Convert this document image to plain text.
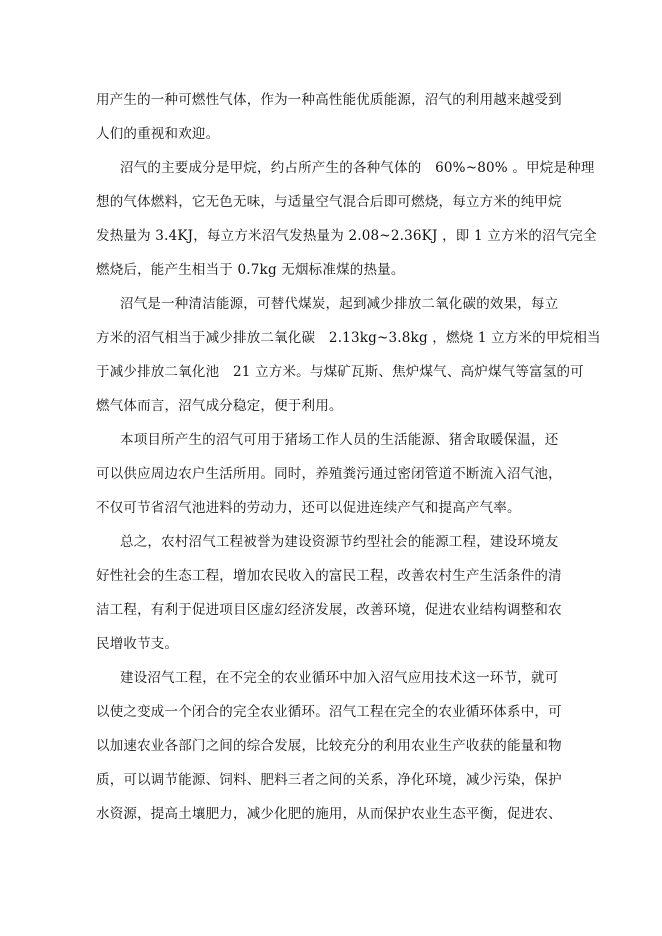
用产生的一种可燃性气体，作为一种高性能优质能源，沼气的利用越来越受到
人们的重视和欢迎。
沼气的主要成分是甲烷，约占所产生的各种气体的　60%~80% 。甲烷是种理
想的气体燃料，它无色无味，与适量空气混合后即可燃烧，每立方米的纯甲烷
发热量为 3.4KJ，每立方米沼气发热量为 2.08~2.36KJ ，即 1 立方米的沼气完全
燃烧后，能产生相当于 0.7kg 无烟标准煤的热量。
沼气是一种清洁能源，可替代煤炭，起到减少排放二氧化碳的效果，每立
方米的沼气相当于减少排放二氧化碳　2.13kg~3.8kg ，燃烧 1 立方米的甲烷相当
于减少排放二氧化池　21 立方米。与煤矿瓦斯、焦炉煤气、高炉煤气等富氢的可
燃气体而言，沼气成分稳定，便于利用。
本项目所产生的沼气可用于猪场工作人员的生活能源、猪舍取暖保温，还
可以供应周边农户生活所用。同时，养殖粪污通过密闭管道不断流入沼气池，
不仅可节省沼气池进料的劳动力，还可以促进连续产气和提高产气率。
总之，农村沼气工程被誉为建设资源节约型社会的能源工程，建设环境友
好性社会的生态工程，增加农民收入的富民工程，改善农村生产生活条件的清
洁工程，有利于促进项目区虚幻经济发展，改善环境，促进农业结构调整和农
民增收节支。
建设沼气工程，在不完全的农业循环中加入沼气应用技术这一环节，就可
以使之变成一个闭合的完全农业循环。沼气工程在完全的农业循环体系中，可
以加速农业各部门之间的综合发展，比较充分的利用农业生产收获的能量和物
质，可以调节能源、饲料、肥料三者之间的关系，净化环境，减少污染，保护
水资源，提高土壤肥力，减少化肥的施用，从而保护农业生态平衡，促进农、
